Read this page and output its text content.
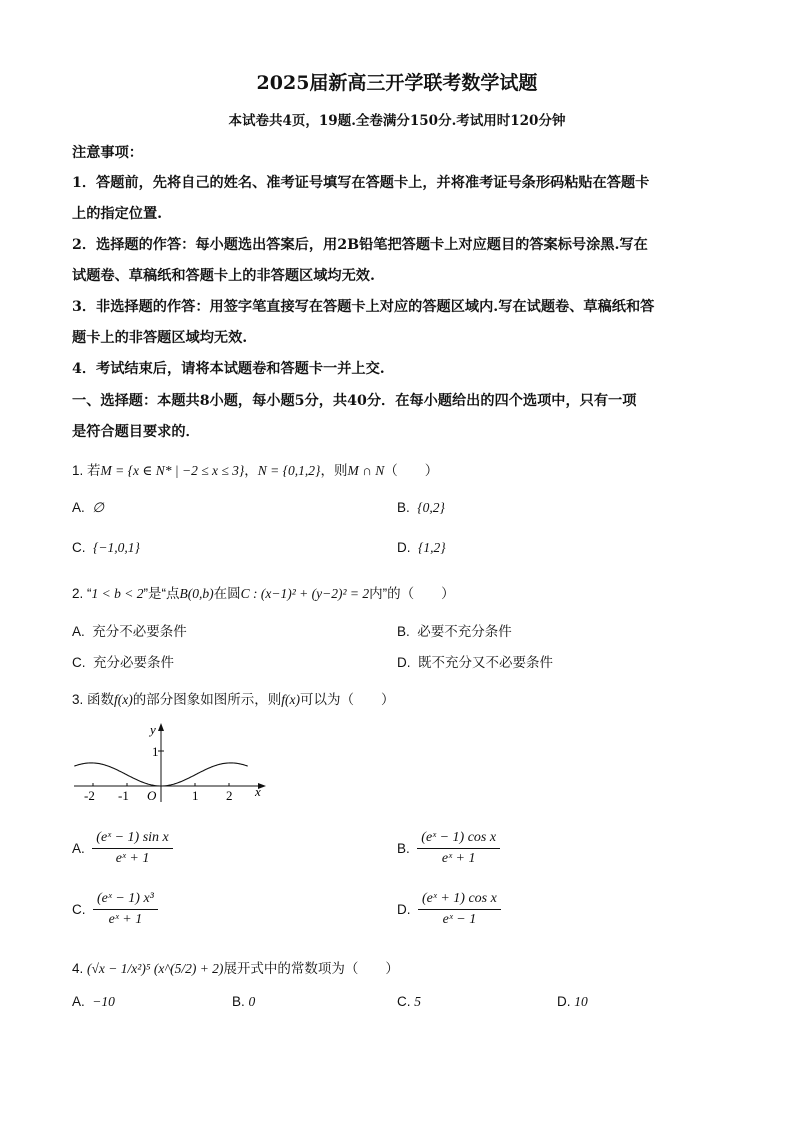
2025届新高三开学联考数学试题
本试卷共4页，19题.全卷满分150分.考试用时120分钟
注意事项：
1．答题前，先将自己的姓名、准考证号填写在答题卡上，并将准考证号条形码粘贴在答题卡
上的指定位置.
2．选择题的作答：每小题选出答案后，用2B铅笔把答题卡上对应题目的答案标号涂黑.写在
试题卷、草稿纸和答题卡上的非答题区域均无效.
3．非选择题的作答：用签字笔直接写在答题卡上对应的答题区域内.写在试题卷、草稿纸和答
题卡上的非答题区域均无效.
4．考试结束后，请将本试题卷和答题卡一并上交.
一、选择题：本题共8小题，每小题5分，共40分．在每小题给出的四个选项中，只有一项
是符合题目要求的．
1. 若M = {x ∈ N* | −2 ≤ x ≤ 3}，N = {0,1,2}，则M ∩ N（　　）
A. ∅	B. {0,2}
C. {−1,0,1}	D. {1,2}
2. “1 < b < 2”是“点B(0,b)在圆C : (x−1)² + (y−2)² = 2内”的（　　）
A. 充分不必要条件	B. 必要不充分条件
C. 充分必要条件	D. 既不充分又不必要条件
3. 函数f(x)的部分图象如图所示，则f(x)可以为（　　）
y
x
O
1
-2 -1	1 2
A. $\frac{\text{(eˣ − 1) sin x}}{\text{eˣ + 1}}$	B. $\frac{\text{(eˣ − 1) cos x}}{\text{eˣ + 1}}$
C. $\frac{\text{(eˣ − 1) x³}}{\text{eˣ + 1}}$	D. $\frac{\text{(eˣ + 1) cos x}}{\text{eˣ − 1}}$
4. (√x − 1/x²)⁵ (x^(5/2) + 2)展开式中的常数项为（　　）
A. −10	B. 0	C. 5	D. 10
